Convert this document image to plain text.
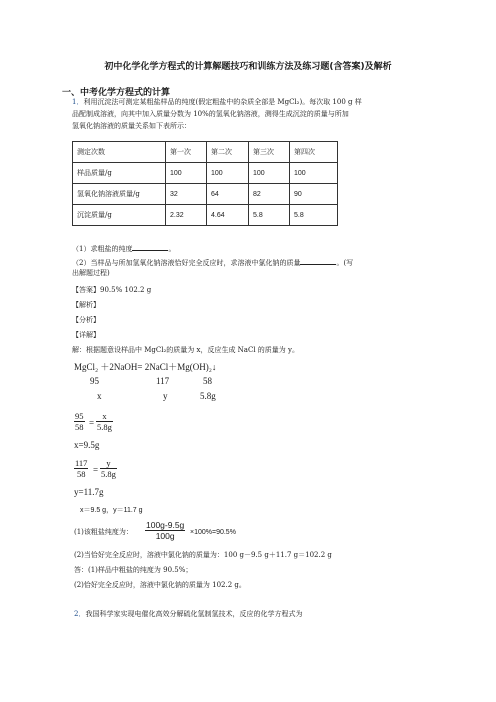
初中化学化学方程式的计算解题技巧和训练方法及练习题(含答案)及解析
一、中考化学方程式的计算
1．利用沉淀法可测定某粗盐样品的纯度(假定粗盐中的杂质全部是 MgCl₂)。每次取 100 g 样
品配制成溶液，向其中加入质量分数为 10%的氢氧化钠溶液，测得生成沉淀的质量与所加
氢氧化钠溶液的质量关系如下表所示：
测定次数	第一次	第二次	第三次	第四次
样品质量/g	100	100	100	100
氢氧化钠溶液质量/g	32	64	82	90
沉淀质量/g	2.32	4.64	5.8	5.8
（1）求粗盐的纯度	。
（2）当样品与所加氢氧化钠溶液恰好完全反应时，求溶液中氯化钠的质量	。(写
出解题过程)
【答案】90.5% 102.2 g
【解析】
【分析】
【详解】
解：根据题意设样品中 MgCl₂的质量为 x，反应生成 NaCl 的质量为 y。
MgCl₂ ＋2NaOH= 2NaCl＋Mg(OH)₂↓
95	117	58
x	y	5.8g
$\frac{95}{58} = \frac{x}{5.8g}$
x=9.5g
$\frac{117}{58} = \frac{y}{5.8g}$
y=11.7g
x＝9.5 g，y＝11.7 g
(1)该粗盐纯度为： $\frac{100g-9.5g}{100g} \times 100\%=90.5\%$
(2)当恰好完全反应时，溶液中氯化钠的质量为：100 g－9.5 g＋11.7 g＝102.2 g
答：(1)样品中粗盐的纯度为 90.5%；
(2)恰好完全反应时，溶液中氯化钠的质量为 102.2 g。
2．我国科学家实现电催化高效分解硫化氢制氢技术，反应的化学方程式为
